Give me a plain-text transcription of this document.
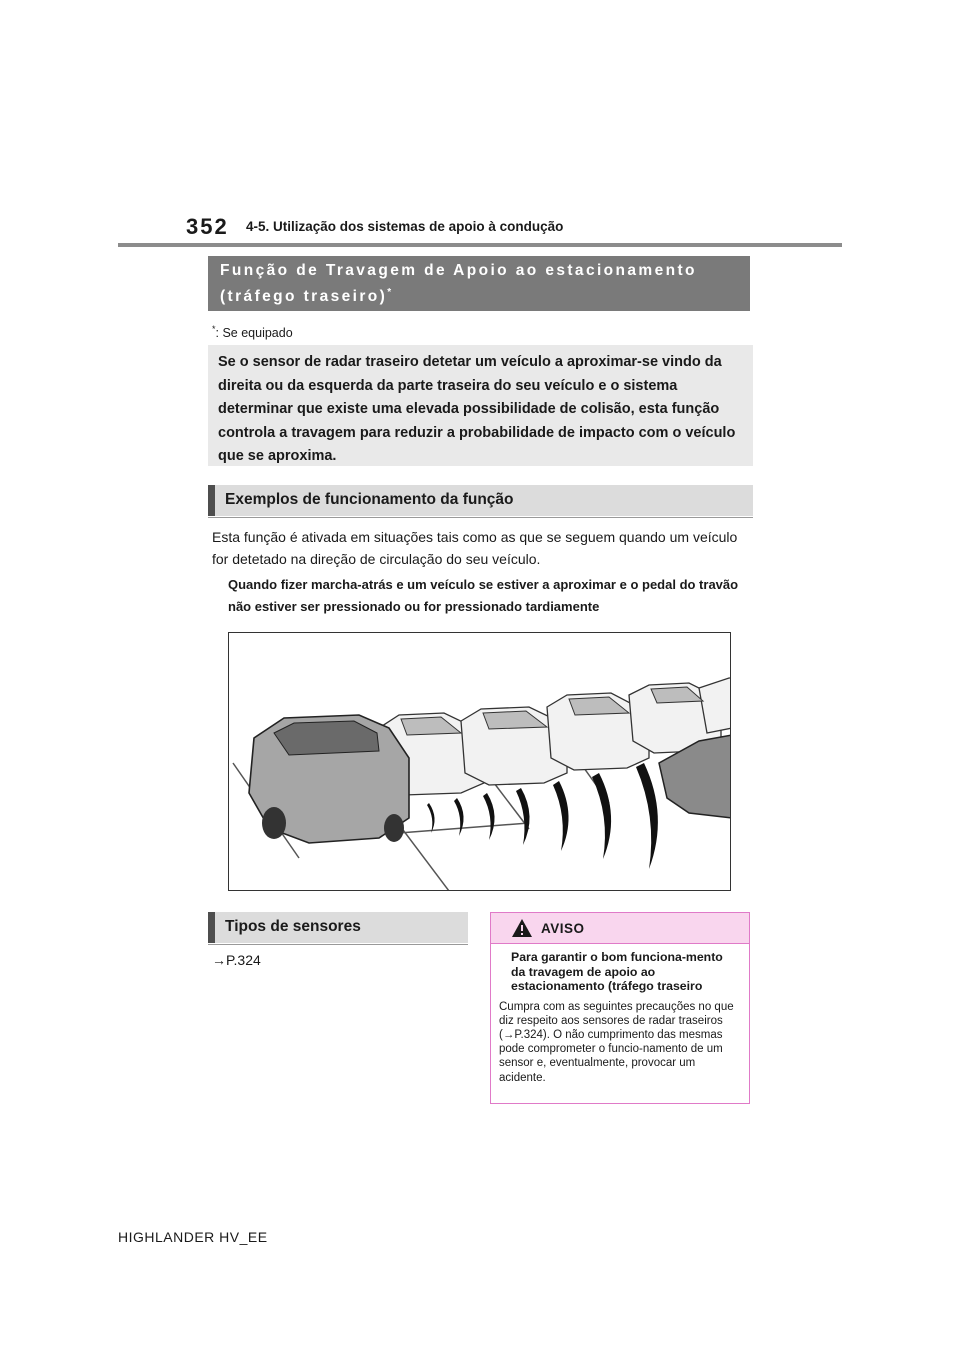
352 4-5. Utilização dos sistemas de apoio à condução
Função de Travagem de Apoio ao estacionamento (tráfego traseiro)*
*: Se equipado
Se o sensor de radar traseiro detetar um veículo a aproximar-se vindo da direita ou da esquerda da parte traseira do seu veículo e o sistema determinar que existe uma elevada possibilidade de colisão, esta função controla a travagem para reduzir a probabilidade de impacto com o veículo que se aproxima.
Exemplos de funcionamento da função
Esta função é ativada em situações tais como as que se seguem quando um veículo for detetado na direção de circulação do seu veículo.
Quando fizer marcha-atrás e um veículo se estiver a aproximar e o pedal do travão não estiver ser pressionado ou for pressionado tardiamente
Tipos de sensores
→P.324
AVISO
Para garantir o bom funciona-mento da travagem de apoio ao estacionamento (tráfego traseiro
Cumpra com as seguintes precauções no que diz respeito aos sensores de radar traseiros (→P.324). O não cumprimento das mesmas pode comprometer o funcio-namento de um sensor e, eventualmente, provocar um acidente.
HIGHLANDER HV_EE
